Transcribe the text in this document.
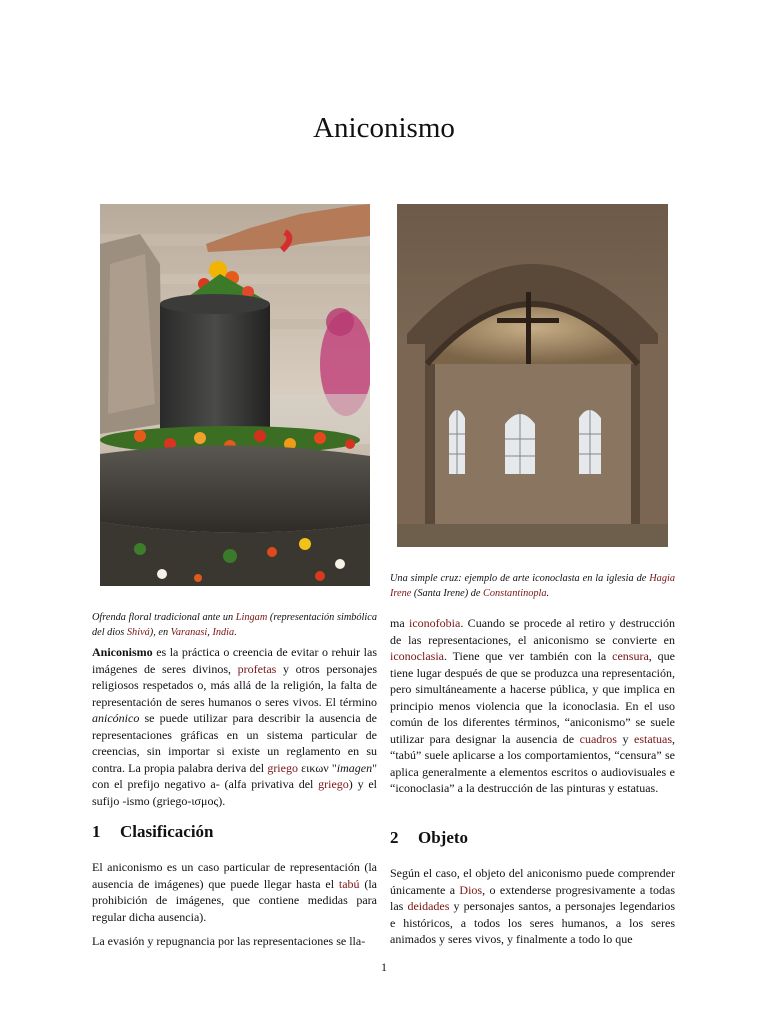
Aniconismo

Ofrenda floral tradicional ante un Lingam (representación simbólica del dios Shivá), en Varanasi, India.

Una simple cruz: ejemplo de arte iconoclasta en la iglesia de Hagia Irene (Santa Irene) de Constantinopla.

Aniconismo es la práctica o creencia de evitar o rehuir las imágenes de seres divinos, profetas y otros personajes religiosos respetados o, más allá de la religión, la falta de representación de seres humanos o seres vivos. El término anicónico se puede utilizar para describir la ausencia de representaciones gráficas en un sistema particular de creencias, sin importar si existe un reglamento en su contra. La propia palabra deriva del griego εικων "imagen" con el prefijo negativo a- (alfa privativa del griego) y el sufijo -ismo (griego-ισμος).

ma iconofobia. Cuando se procede al retiro y destrucción de las representaciones, el aniconismo se convierte en iconoclasia. Tiene que ver también con la censura, que tiene lugar después de que se produzca una representación, pero simultáneamente a hacerse pública, y que implica en principio menos violencia que la iconoclasia. En el uso común de los diferentes términos, “aniconismo” se suele utilizar para designar la ausencia de cuadros y estatuas, “tabú” suele aplicarse a los comportamientos, “censura” se aplica generalmente a elementos escritos o audiovisuales e “iconoclasia” a la destrucción de las pinturas y estatuas.

1 Clasificación

El aniconismo es un caso particular de representación (la ausencia de imágenes) que puede llegar hasta el tabú (la prohibición de imágenes, que contiene medidas para regular dicha ausencia).

La evasión y repugnancia por las representaciones se lla-

2 Objeto

Según el caso, el objeto del aniconismo puede comprender únicamente a Dios, o extenderse progresivamente a todas las deidades y personajes santos, a personajes legendarios e históricos, a todos los seres humanos, a los seres animados y seres vivos, y finalmente a todo lo que

1
